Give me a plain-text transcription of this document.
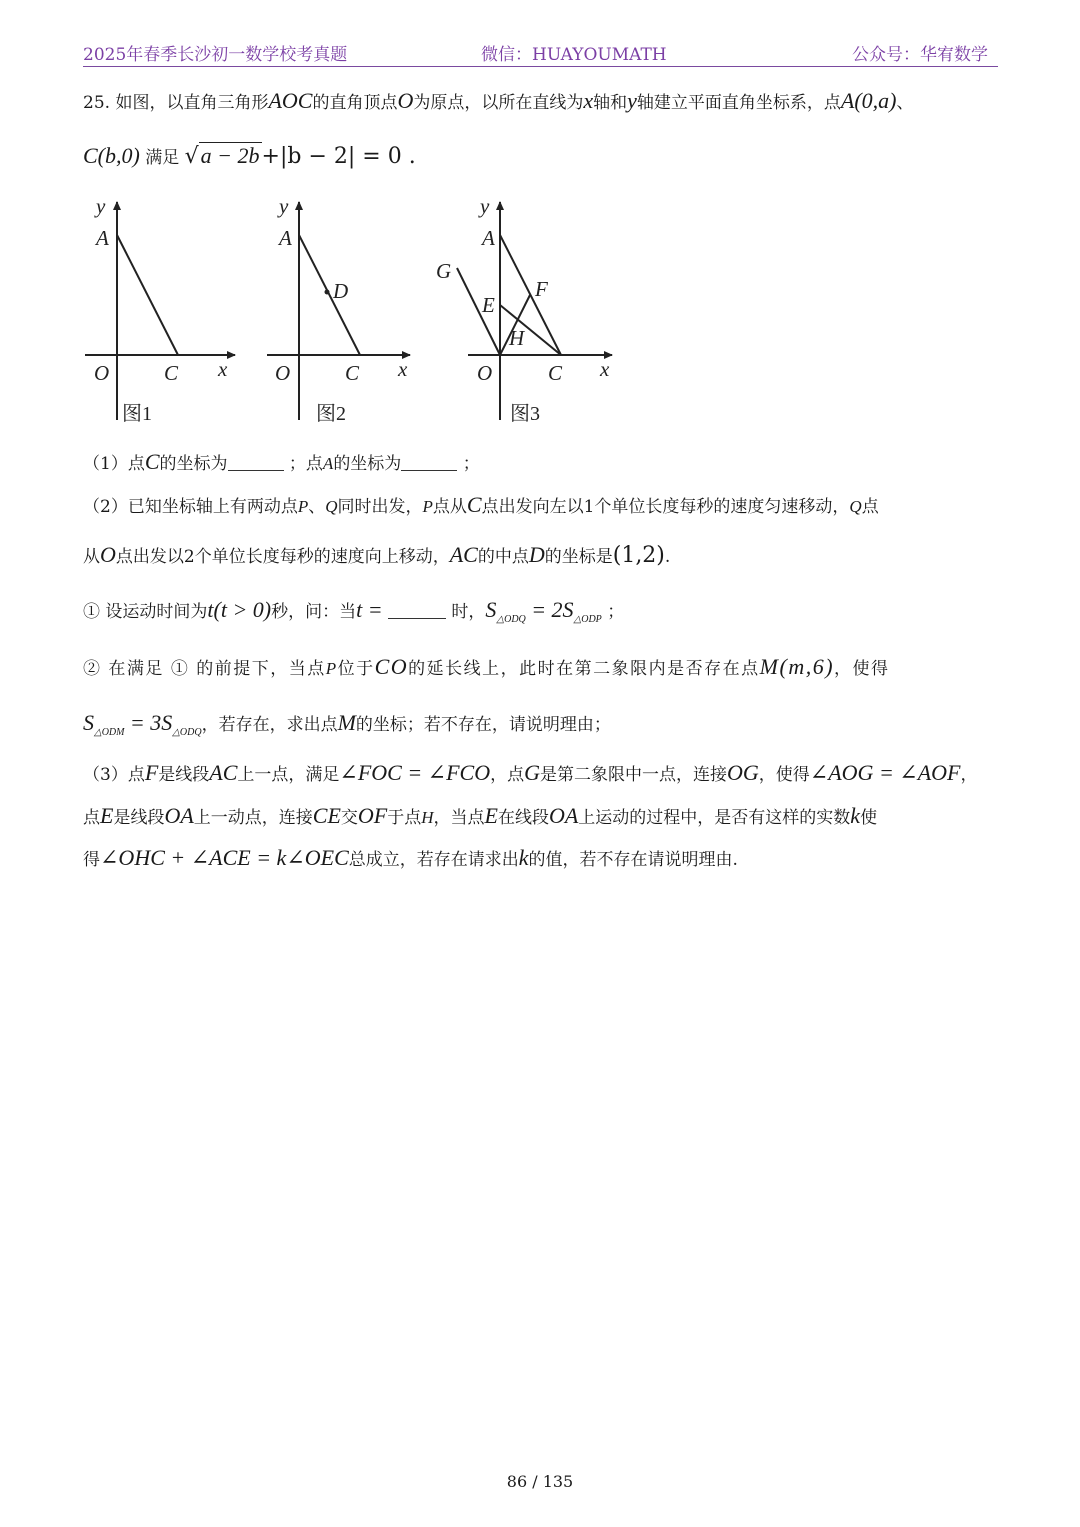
2025年春季长沙初一数学校考真题	微信：HUAYOUMATH	公众号：华宥数学
25. 如图，以直角三角形AOC的直角顶点O为原点，以所在直线为x轴和y轴建立平面直角坐标系，点A(0,a)、
C(b,0) 满足 √a − 2b+|b − 2| = 0 .
y
A
O	C x
图1
y
A
D
O	C x
图2
y
A
G
F
E
H
O	C x
图3
（1）点C的坐标为	；点A的坐标为	；
（2）已知坐标轴上有两动点P、Q同时出发，P点从C点出发向左以1个单位长度每秒的速度匀速移动，Q点
从O点出发以2个单位长度每秒的速度向上移动，AC的中点D的坐标是(1,2).
① 设运动时间为t(t > 0)秒，问：当t =	时，$S_{\triangle ODQ} = 2S_{\triangle ODP}$ ；
② 在满足 ① 的前提下，当点P位于CO的延长线上，此时在第二象限内是否存在点M(m,6)，使得
$S_{\triangle ODM} = 3S_{\triangle ODQ}$，若存在，求出点M的坐标；若不存在，请说明理由；
（3）点F是线段AC上一点，满足∠FOC = ∠FCO，点G是第二象限中一点，连接OG，使得∠AOG = ∠AOF，
点E是线段OA上一动点，连接CE交OF于点H，当点E在线段OA上运动的过程中，是否有这样的实数k使
得∠OHC + ∠ACE = k∠OEC总成立，若存在请求出k的值，若不存在请说明理由.
86 / 135
